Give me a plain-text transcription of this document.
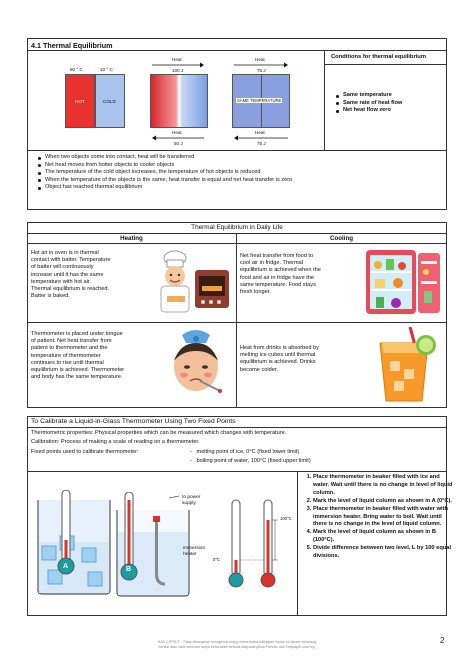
4.1 Thermal Equilibrium
Conditions for thermal equilibrium
Same temperature
Same rate of heat flow
Net heat flow zero
90 ° C	10 ° C
HOT	COLD
Heat
100 J
Heat
50 J
Heat
75 J
SAME TEMPERATURE
Heat
75 J
When two objects come into contact, heat will be transferred
Net heat moves from hotter objects to cooler objects
The temperature of the cold object increases, the temperature of hot objects is reduced
When the temperature of the objects is the same, heat transfer is equal and net heat transfer is zero
Object has reached thermal equilibrium
Thermal Equilibrium in Daily Life
Heating	Cooling
Hot air in oven is in thermal
contact with batter. Temperature
of batter will continuously
increase until it has the same
temperature with hot air.
Thermal equilibrium is reached.
Batter is baked.
Net heat transfer from food to
cool air in fridge. Thermal
equilibrium is achieved when the
food and air in fridge have the
same temperature. Food stays
fresh longer.
Thermometer is placed under tongue
of patient. Net heat transfer from
patient to thermometer and the
temperature of thermometer
continues to rise until thermal
equilibrium is achieved. Thermometer
and body has the same temperature.
Heat from drinks is absorbed by
melting ice cubes until thermal
equilibrium is achieved. Drinks
become colder.
To Calibrate a Liquid-in-Glass Thermometer Using Two Fixed Points
Thermometric properties: Physical properties which can be measured which changes with temperature.
Calibration: Process of making a scale of reading on a thermometer.
Fixed points used to calibrate thermometer:	-   melting point of ice, 0°C (fixed lower limit)
-   boiling point of water, 100°C (fixed upper limit)
A
to power supply
immersion heater
B
100°C
0°C
1. Place thermometer in beaker filled with ice and water. Wait until there is no change in level of liquid column.
2. Mark the level of liquid column as shown in A (0°C).
3. Place thermometer in beaker filled with water with immersion heater. Bring water to boil. Wait until there is no change in the level of liquid column.
4. Mark the level of liquid column as shown in B (100°C).
5. Divide difference between two level, L by 100 equal divisions.
HAK CIPTA © : Tidak dibenarkan mengeluar ulang mana-mana bahagian modul ini dalam sebarang
bentuk atau cara sebelum tanpa kebenaran bertulis daripada pihak Penulis dan Testpaper.com.my.
2
